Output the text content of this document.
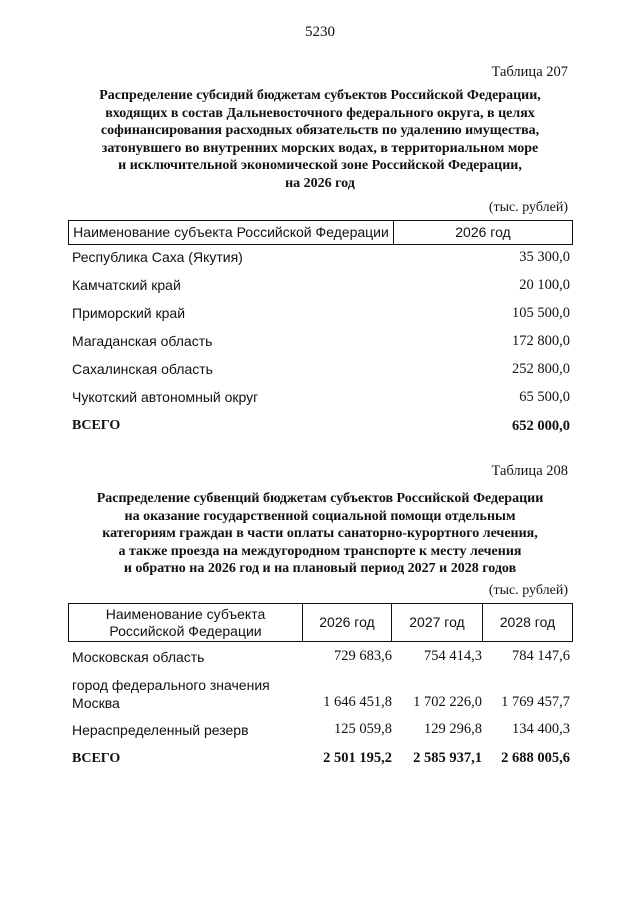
5230
Таблица 207
Распределение субсидий бюджетам субъектов Российской Федерации,
входящих в состав Дальневосточного федерального округа, в целях
софинансирования расходных обязательств по удалению имущества,
затонувшего во внутренних морских водах, в территориальном море
и исключительной экономической зоне Российской Федерации,
на 2026 год
(тыс. рублей)
Наименование субъекта Российской Федерации	2026 год
Республика Саха (Якутия)	35 300,0
Камчатский край	20 100,0
Приморский край	105 500,0
Магаданская область	172 800,0
Сахалинская область	252 800,0
Чукотский автономный округ	65 500,0
ВСЕГО	652 000,0
Таблица 208
Распределение субвенций бюджетам субъектов Российской Федерации
на оказание государственной социальной помощи отдельным
категориям граждан в части оплаты санаторно-курортного лечения,
а также проезда на междугородном транспорте к месту лечения
и обратно на 2026 год и на плановый период 2027 и 2028 годов
(тыс. рублей)
Наименование субъекта
Российской Федерации
2026 год	2027 год	2028 год
Московская область	729 683,6	754 414,3	784 147,6
город федерального значения
Москва	1 646 451,8	1 702 226,0	1 769 457,7
Нераспределенный резерв	125 059,8	129 296,8	134 400,3
ВСЕГО	2 501 195,2	2 585 937,1	2 688 005,6
